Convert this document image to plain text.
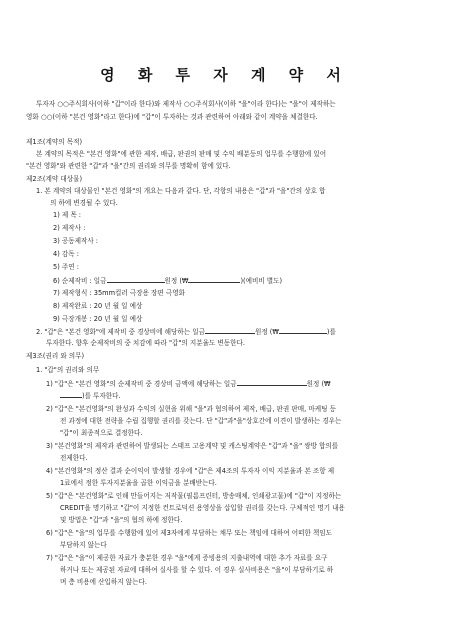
영 화 투 자 계 약 서
투자자 ○○주식회사(이하 "갑"이라 한다)와 제작사 ○○주식회사(이하 "을"이라 한다)는 "을"이 제작하는
영화 ○○(이하 "본건 영화"라고 한다)에 "갑"이 투자하는 것과 관련하여 아래와 같이 계약을 체결한다.
제1조(계약의 목적)
본 계약의 목적은 "본건 영화"에 관한 제작, 배급, 판권의 판매 및 수익 배분등의 업무를 수행함에 있어
"본건 영화"와 관련한 "갑"과 "을"간의 권리와 의무를 명확히 함에 있다.
제2조(계약 대상물)
1. 본 계약의 대상물인 "본건 영화"의 개요는 다음과 같다. 단, 각항의 내용은 "갑"과 "을"간의 상호 합
의 하에 변경될 수 있다.
1) 제 목 :
2) 제작사 :
3) 공동제작사 :
4) 감독 :
5) 주연 :
6) 순제작비 : 일금	원정 (₩	)(예비비 별도)
7) 제작형식 : 35mm컬러 극장용 장편 극영화
8) 제작완료 : 20 년 월 일 예상
9) 극장개봉 : 20 년 월 일 예상
2. "갑"은 "본건 영화"에 제작비 중 경상비에 해당하는 일금	원정 (₩	)를
투자한다. 향후 순제작비의 중 치감에 따라 "갑"의 지분율도 변동한다.
제3조(권리 와 의무)
1. "갑"의 권리와 의무
1) "갑"은 "본건 영화"의 순제작비 중 경상비 금액에 해당하는 일금	원정 (₩
)를 투자한다.
2) "갑"은 "본건영화"의 완성과 수익의 실현을 위해 "을"과 협의하여 제작, 배급, 판권 판매, 마케팅 등
전 과정에 대한 전략을 수립 집행할 권리를 갖는다. 단 "갑"과"을"상호간에 이견이 발생하는 경우는
"갑"이 최종적으로 결정한다.
3) "본건영화"의 제작과 관련하여 발생되는 스태프 고용계약 및 캐스팅계약은 "갑"과 "을" 쌍방 합의를
전제한다.
4) "본건영화"의 정산 결과 순이익이 발생할 경우에 "갑"은 제4조의 투자자 이익 지분율과 본 조항 제
1료에서 정한 투자지분율을 곱한 이익금을 분배받는다.
5) "갑"은 "본건영화"로 인해 만들어지는 저작물(필름프린터, 방송매체, 인쇄광고물)에 "갑"이 지정하는
CREDIT을 명기하고 "갑"이 지정한 컨트로덕션 용영상을 삽입할 권리를 갖는다. 구체적인 명기 내용
및 방법은 "갑"과 "을"의 협의 하에 정한다.
6) "갑"은 "을"의 업무를 수행함에 있어 제3자에게 부담하는 채무 또는 책임에 대하여 어떠한 책임도
부담하지 않는다
7) "갑"은 "을"이 제공한 자료가 충분한 경우 "을"에게 증빙용의 지출내역에 대한 추가 자료를 요구
하거나 또는 제공된 자료에 대하여 실사를 할 수 있다. 이 경우 실사비용은 "을"이 부담하기로 하
며 층 비용에 산입하지 않는다.
